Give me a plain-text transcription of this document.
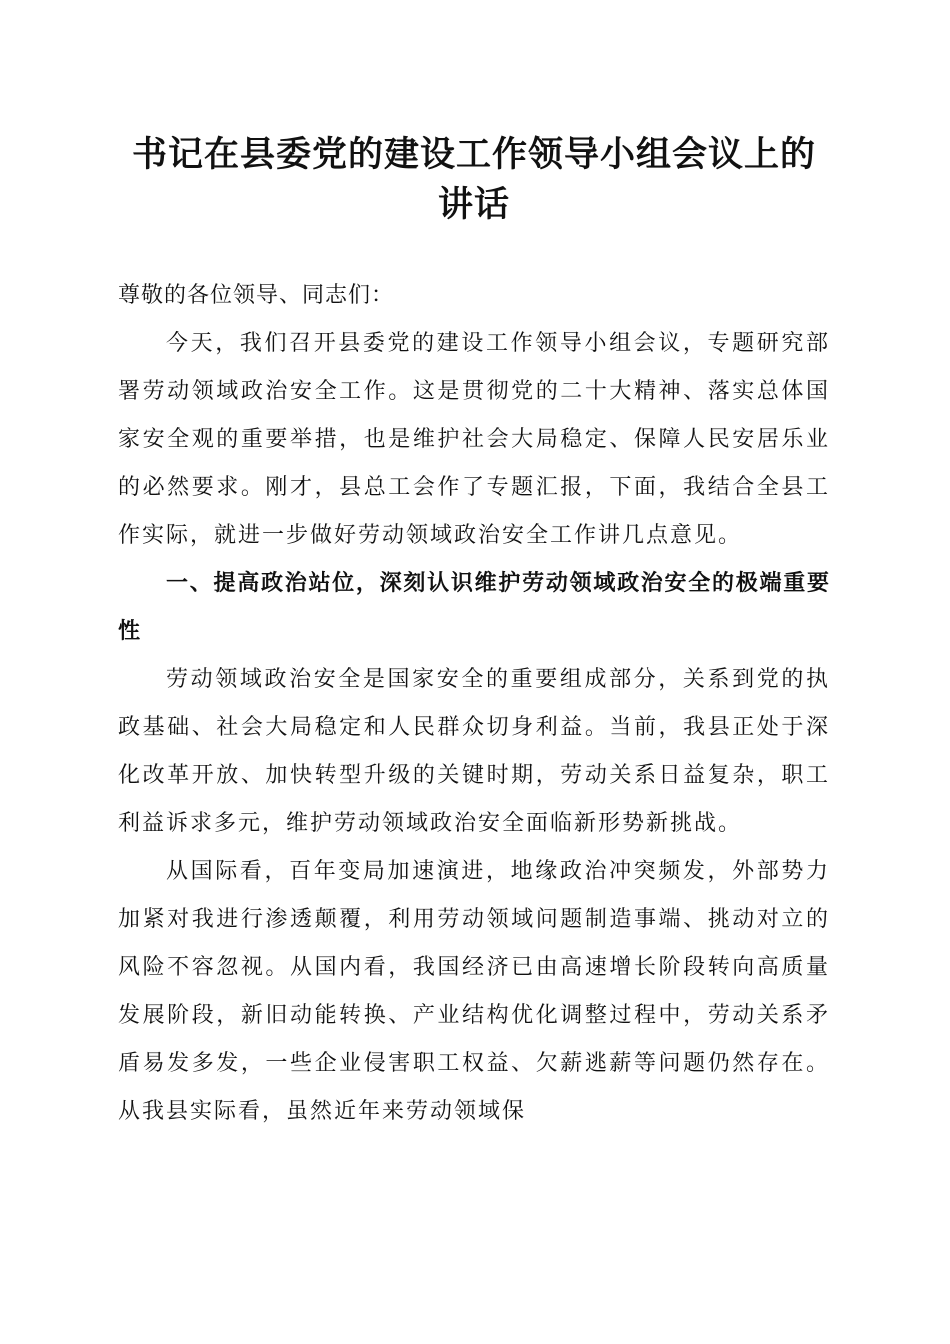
书记在县委党的建设工作领导小组会议上的讲话

尊敬的各位领导、同志们：

今天，我们召开县委党的建设工作领导小组会议，专题研究部署劳动领域政治安全工作。这是贯彻党的二十大精神、落实总体国家安全观的重要举措，也是维护社会大局稳定、保障人民安居乐业的必然要求。刚才，县总工会作了专题汇报，下面，我结合全县工作实际，就进一步做好劳动领域政治安全工作讲几点意见。

一、提高政治站位，深刻认识维护劳动领域政治安全的极端重要性

劳动领域政治安全是国家安全的重要组成部分，关系到党的执政基础、社会大局稳定和人民群众切身利益。当前，我县正处于深化改革开放、加快转型升级的关键时期，劳动关系日益复杂，职工利益诉求多元，维护劳动领域政治安全面临新形势新挑战。

从国际看，百年变局加速演进，地缘政治冲突频发，外部势力加紧对我进行渗透颠覆，利用劳动领域问题制造事端、挑动对立的风险不容忽视。从国内看，我国经济已由高速增长阶段转向高质量发展阶段，新旧动能转换、产业结构优化调整过程中，劳动关系矛盾易发多发，一些企业侵害职工权益、欠薪逃薪等问题仍然存在。从我县实际看，虽然近年来劳动领域保
